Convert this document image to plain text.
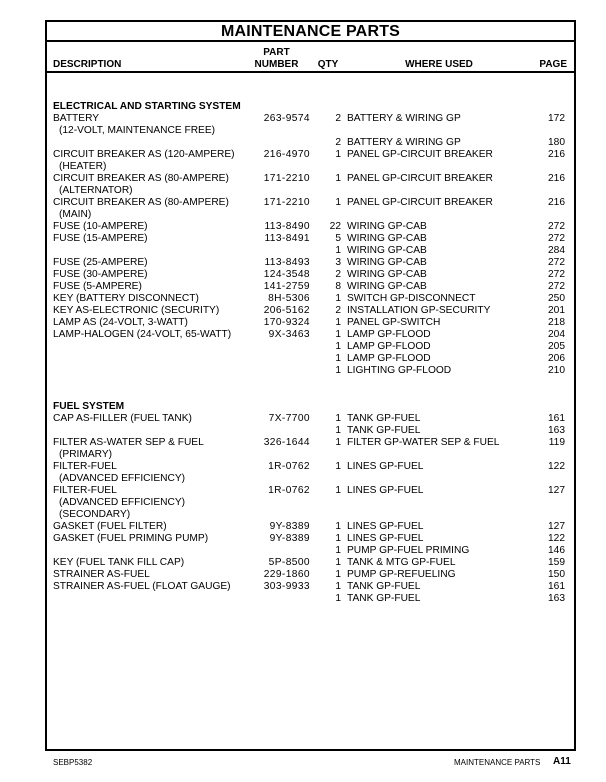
MAINTENANCE PARTS
DESCRIPTION
PART
NUMBER	QTY	WHERE USED	PAGE
ELECTRICAL AND STARTING SYSTEM
BATTERY	263-9574	2 BATTERY & WIRING GP	172
(12-VOLT, MAINTENANCE FREE)
2 BATTERY & WIRING GP	180
CIRCUIT BREAKER AS (120-AMPERE)	216-4970	1 PANEL GP-CIRCUIT BREAKER	216
(HEATER)
CIRCUIT BREAKER AS (80-AMPERE)	171-2210	1 PANEL GP-CIRCUIT BREAKER	216
(ALTERNATOR)
CIRCUIT BREAKER AS (80-AMPERE)	171-2210	1 PANEL GP-CIRCUIT BREAKER	216
(MAIN)
FUSE (10-AMPERE)	113-8490	22 WIRING GP-CAB	272
FUSE (15-AMPERE)	113-8491	5 WIRING GP-CAB	272
1 WIRING GP-CAB	284
FUSE (25-AMPERE)	113-8493	3 WIRING GP-CAB	272
FUSE (30-AMPERE)	124-3548	2 WIRING GP-CAB	272
FUSE (5-AMPERE)	141-2759	8 WIRING GP-CAB	272
KEY (BATTERY DISCONNECT)	8H-5306	1 SWITCH GP-DISCONNECT	250
KEY AS-ELECTRONIC (SECURITY)	206-5162	2 INSTALLATION GP-SECURITY	201
LAMP AS (24-VOLT, 3-WATT)	170-9324	1 PANEL GP-SWITCH	218
LAMP-HALOGEN (24-VOLT, 65-WATT)	9X-3463	1 LAMP GP-FLOOD	204
1 LAMP GP-FLOOD	205
1 LAMP GP-FLOOD	206
1 LIGHTING GP-FLOOD	210
FUEL SYSTEM
CAP AS-FILLER (FUEL TANK)	7X-7700	1 TANK GP-FUEL	161
1 TANK GP-FUEL	163
FILTER AS-WATER SEP & FUEL	326-1644	1 FILTER GP-WATER SEP & FUEL	119
(PRIMARY)
FILTER-FUEL	1R-0762	1 LINES GP-FUEL	122
(ADVANCED EFFICIENCY)
FILTER-FUEL	1R-0762	1 LINES GP-FUEL	127
(ADVANCED EFFICIENCY)
(SECONDARY)
GASKET (FUEL FILTER)	9Y-8389	1 LINES GP-FUEL	127
GASKET (FUEL PRIMING PUMP)	9Y-8389	1 LINES GP-FUEL	122
1 PUMP GP-FUEL PRIMING	146
KEY (FUEL TANK FILL CAP)	5P-8500	1 TANK & MTG GP-FUEL	159
STRAINER AS-FUEL	229-1860	1 PUMP GP-REFUELING	150
STRAINER AS-FUEL (FLOAT GAUGE)	303-9933	1 TANK GP-FUEL	161
1 TANK GP-FUEL	163
SEBP5382	MAINTENANCE PARTS A11
